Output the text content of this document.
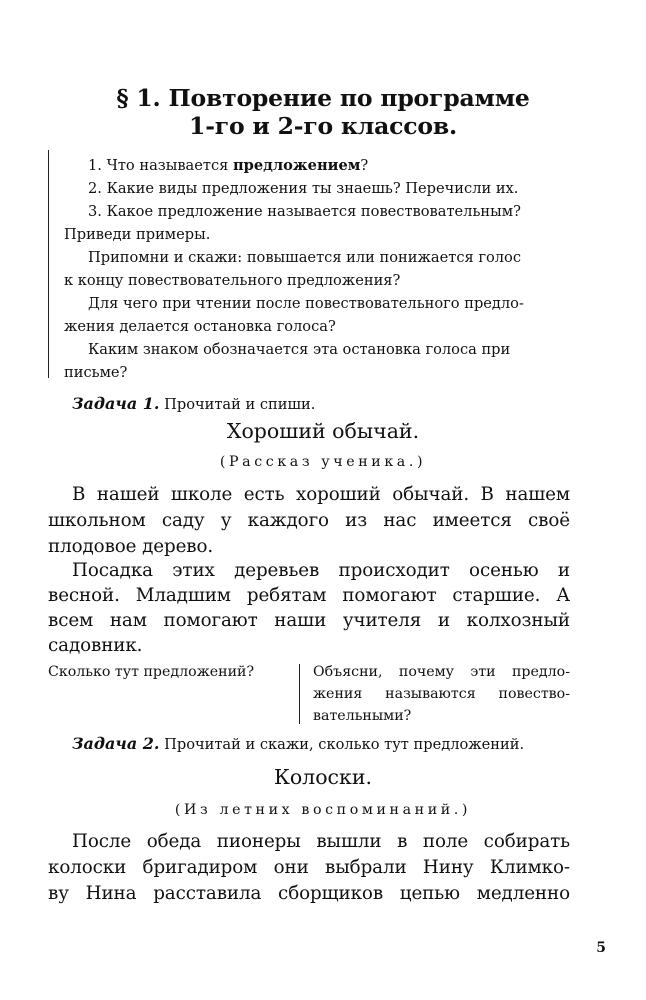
§ 1. Повторение по программе
1-го и 2-го классов.
1. Что называется предложением?
2. Какие виды предложения ты знаешь? Перечисли их.
3. Какое предложение называется повествовательным?
Приведи примеры.
Припомни и скажи: повышается или понижается голос
к концу повествовательного предложения?
Для чего при чтении после повествовательного предло-
жения делается остановка голоса?
Каким знаком обозначается эта остановка голоса при
письме?
Задача 1. Прочитай и спиши.
Хороший обычай.
(Рассказ ученика.)
В нашей школе есть хороший обычай. В нашем
школьном саду у каждого из нас имеется своё
плодовое дерево.
Посадка этих деревьев происходит осенью и
весной. Младшим ребятам помогают старшие. А
всем нам помогают наши учителя и колхозный
садовник.
Сколько тут предложений?	Объясни, почему эти предло-
жения называются повество-
вательными?
Задача 2. Прочитай и скажи, сколько тут предложений.
Колоски.
(Из летних воспоминаний.)
После обеда пионеры вышли в поле собирать
колоски бригадиром они выбрали Нину Климко-
ву Нина расставила сборщиков цепью медленно
5
